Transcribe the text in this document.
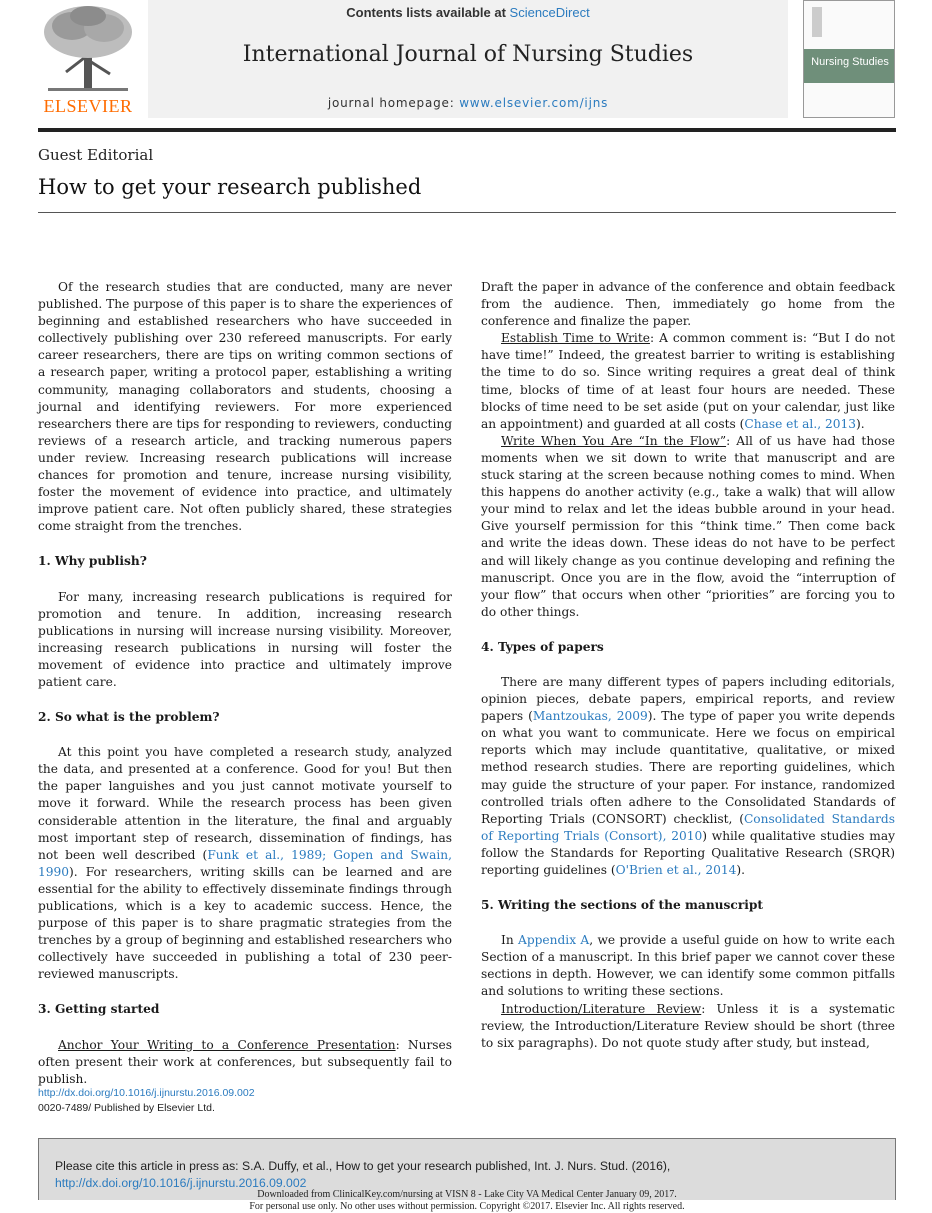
ELSEVIER
Contents lists available at ScienceDirect
International Journal of Nursing Studies
journal homepage: www.elsevier.com/ijns
Nursing Studies
Guest Editorial
How to get your research published

Of the research studies that are conducted, many are never published. The purpose of this paper is to share the experiences of beginning and established researchers who have succeeded in collectively publishing over 230 refereed manuscripts. For early career researchers, there are tips on writing common sections of a research paper, writing a protocol paper, establishing a writing community, managing collaborators and students, choosing a journal and identifying reviewers. For more experienced researchers there are tips for responding to reviewers, conducting reviews of a research article, and tracking numerous papers under review. Increasing research publications will increase chances for promotion and tenure, increase nursing visibility, foster the movement of evidence into practice, and ultimately improve patient care. Not often publicly shared, these strategies come straight from the trenches.

1. Why publish?

For many, increasing research publications is required for promotion and tenure. In addition, increasing research publications in nursing will increase nursing visibility. Moreover, increasing research publications in nursing will foster the movement of evidence into practice and ultimately improve patient care.

2. So what is the problem?

At this point you have completed a research study, analyzed the data, and presented at a conference. Good for you! But then the paper languishes and you just cannot motivate yourself to move it forward. While the research process has been given considerable attention in the literature, the final and arguably most important step of research, dissemination of findings, has not been well described (Funk et al., 1989; Gopen and Swain, 1990). For researchers, writing skills can be learned and are essential for the ability to effectively disseminate findings through publications, which is a key to academic success. Hence, the purpose of this paper is to share pragmatic strategies from the trenches by a group of beginning and established researchers who collectively have succeeded in publishing a total of 230 peer-reviewed manuscripts.

3. Getting started

Anchor Your Writing to a Conference Presentation: Nurses often present their work at conferences, but subsequently fail to publish.

Draft the paper in advance of the conference and obtain feedback from the audience. Then, immediately go home from the conference and finalize the paper.

Establish Time to Write: A common comment is: “But I do not have time!” Indeed, the greatest barrier to writing is establishing the time to do so. Since writing requires a great deal of think time, blocks of time of at least four hours are needed. These blocks of time need to be set aside (put on your calendar, just like an appointment) and guarded at all costs (Chase et al., 2013).

Write When You Are “In the Flow”: All of us have had those moments when we sit down to write that manuscript and are stuck staring at the screen because nothing comes to mind. When this happens do another activity (e.g., take a walk) that will allow your mind to relax and let the ideas bubble around in your head. Give yourself permission for this “think time.” Then come back and write the ideas down. These ideas do not have to be perfect and will likely change as you continue developing and refining the manuscript. Once you are in the flow, avoid the “interruption of your flow” that occurs when other “priorities” are forcing you to do other things.

4. Types of papers

There are many different types of papers including editorials, opinion pieces, debate papers, empirical reports, and review papers (Mantzoukas, 2009). The type of paper you write depends on what you want to communicate. Here we focus on empirical reports which may include quantitative, qualitative, or mixed method research studies. There are reporting guidelines, which may guide the structure of your paper. For instance, randomized controlled trials often adhere to the Consolidated Standards of Reporting Trials (CONSORT) checklist, (Consolidated Standards of Reporting Trials (Consort), 2010) while qualitative studies may follow the Standards for Reporting Qualitative Research (SRQR) reporting guidelines (O'Brien et al., 2014).

5. Writing the sections of the manuscript

In Appendix A, we provide a useful guide on how to write each Section of a manuscript. In this brief paper we cannot cover these sections in depth. However, we can identify some common pitfalls and solutions to writing these sections.

Introduction/Literature Review: Unless it is a systematic review, the Introduction/Literature Review should be short (three to six paragraphs). Do not quote study after study, but instead,

http://dx.doi.org/10.1016/j.ijnurstu.2016.09.002
0020-7489/ Published by Elsevier Ltd.
Please cite this article in press as: S.A. Duffy, et al., How to get your research published, Int. J. Nurs. Stud. (2016), http://dx.doi.org/10.1016/j.ijnurstu.2016.09.002
Downloaded from ClinicalKey.com/nursing at VISN 8 - Lake City VA Medical Center January 09, 2017.
For personal use only. No other uses without permission. Copyright ©2017. Elsevier Inc. All rights reserved.
